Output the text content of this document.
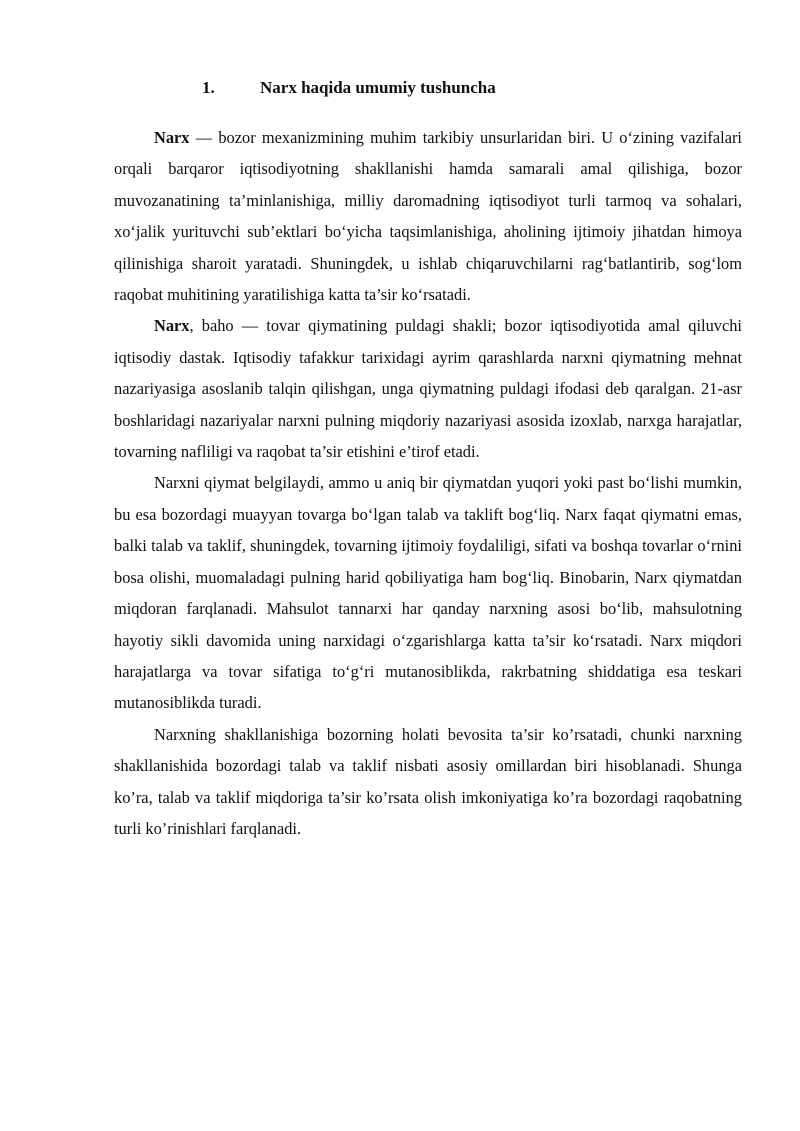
1.	Narx haqida umumiy tushuncha

Narx — bozor mexanizmining muhim tarkibiy unsurlaridan biri. U o‘zining vazifalari orqali barqaror iqtisodiyotning shakllanishi hamda samarali amal qilishiga, bozor muvozanatining ta’minlanishiga, milliy daromadning iqtisodiyot turli tarmoq va sohalari, xo‘jalik yurituvchi sub’ektlari bo‘yicha taqsimlanishiga, aholining ijtimoiy jihatdan himoya qilinishiga sharoit yaratadi. Shuningdek, u ishlab chiqaruvchilarni rag‘batlantirib, sog‘lom raqobat muhitining yaratilishiga katta ta’sir ko‘rsatadi.

Narx, baho — tovar qiymatining puldagi shakli; bozor iqtisodiyotida amal qiluvchi iqtisodiy dastak. Iqtisodiy tafakkur tarixidagi ayrim qarashlarda narxni qiymatning mehnat nazariyasiga asoslanib talqin qilishgan, unga qiymatning puldagi ifodasi deb qaralgan. 21-asr boshlaridagi nazariyalar narxni pulning miqdoriy nazariyasi asosida izoxlab, narxga harajatlar, tovarning nafliligi va raqobat ta’sir etishini e’tirof etadi.

Narxni qiymat belgilaydi, ammo u aniq bir qiymatdan yuqori yoki past bo‘lishi mumkin, bu esa bozordagi muayyan tovarga bo‘lgan talab va taklift bog‘liq. Narx faqat qiymatni emas, balki talab va taklif, shuningdek, tovarning ijtimoiy foydaliligi, sifati va boshqa tovarlar o‘rnini bosa olishi, muomaladagi pulning harid qobiliyatiga ham bog‘liq. Binobarin, Narx qiymatdan miqdoran farqlanadi. Mahsulot tannarxi har qanday narxning asosi bo‘lib, mahsulotning hayotiy sikli davomida uning narxidagi o‘zgarishlarga katta ta’sir ko‘rsatadi. Narx miqdori harajatlarga va tovar sifatiga to‘g‘ri mutanosiblikda, rakrbatning shiddatiga esa teskari mutanosiblikda turadi.

Narxning shakllanishiga bozorning holati bevosita ta’sir ko’rsatadi, chunki narxning shakllanishida bozordagi talab va taklif nisbati asosiy omillardan biri hisoblanadi. Shunga ko’ra, talab va taklif miqdoriga ta’sir ko’rsata olish imkoniyatiga ko’ra bozordagi raqobatning turli ko’rinishlari farqlanadi.
